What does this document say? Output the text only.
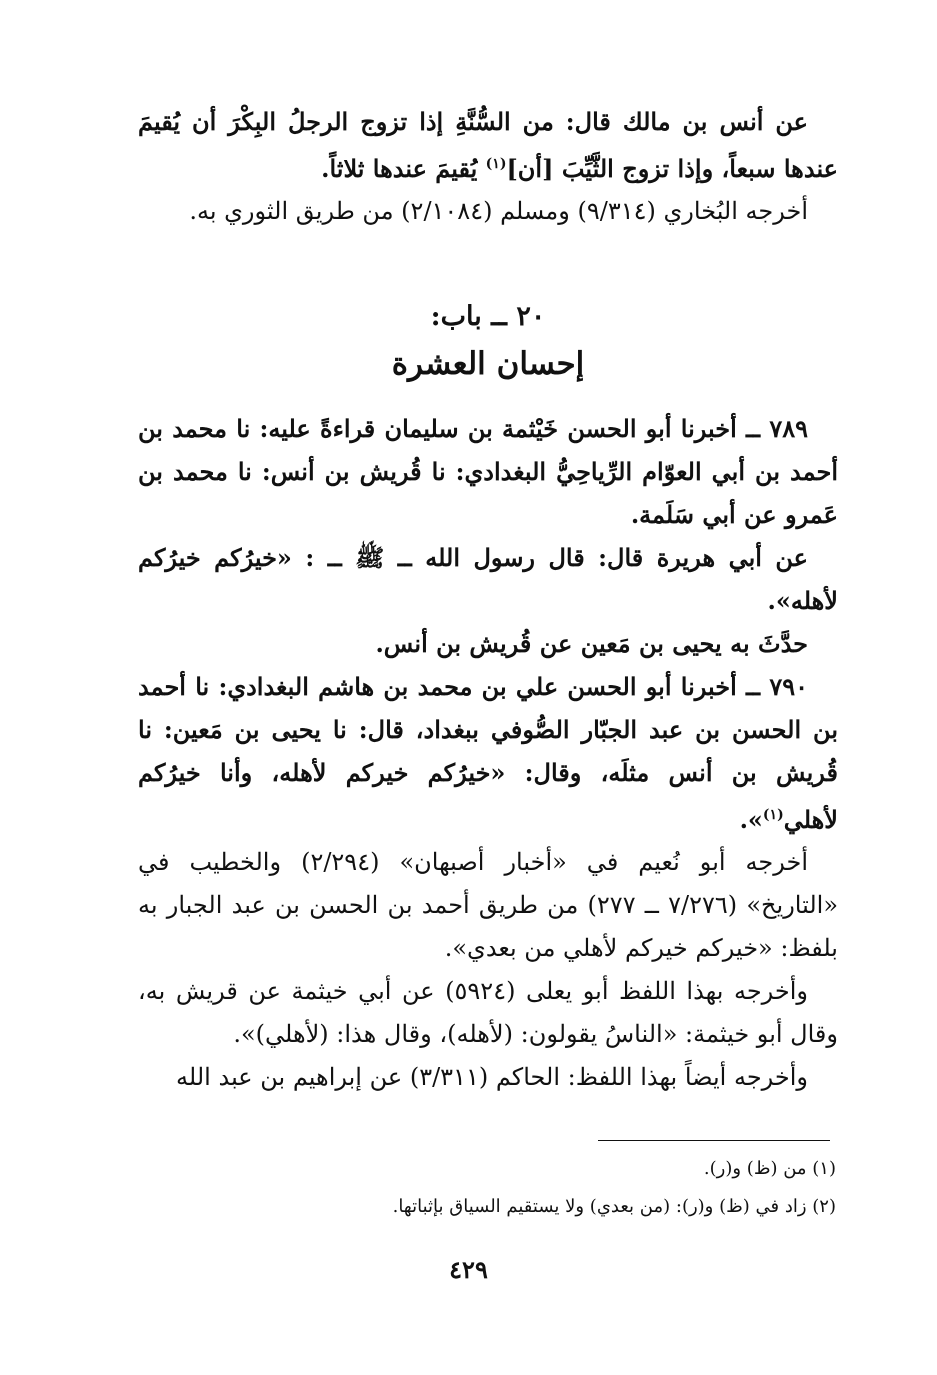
عن أنس بن مالك قال: من السُّنَّةِ إذا تزوج الرجلُ البِكْرَ أن يُقيمَ عندها سبعاً، وإذا تزوج الثَّيِّبَ [أن]$^{(١)}$ يُقيمَ عندها ثلاثاً.

أخرجه البُخاري (٩/٣١٤) ومسلم (٢/١٠٨٤) من طريق الثوري به.

٢٠ ــ باب:
إحسان العشرة

٧٨٩ ــ أخبرنا أبو الحسن خَيْثمة بن سليمان قراءةً عليه: نا محمد بن أحمد بن أبي العوّام الرِّياحِيُّ البغدادي: نا قُريش بن أنس: نا محمد بن عَمرو عن أبي سَلَمة.

عن أبي هريرة قال: قال رسول الله ــ ﷺ ــ : «خيرُكم خيرُكم لأهله».

حدَّثَ به يحيى بن مَعين عن قُريش بن أنس.

٧٩٠ ــ أخبرنا أبو الحسن علي بن محمد بن هاشم البغدادي: نا أحمد بن الحسن بن عبد الجبّار الصُّوفي ببغداد، قال: نا يحيى بن مَعين: نا قُريش بن أنس مثلَه، وقال: «خيرُكم خيركم لأهله، وأنا خيرُكم لأهلي$^{(١)}$».

أخرجه أبو نُعيم في «أخبار أصبهان» (٢/٢٩٤) والخطيب في «التاريخ» (٧/٢٧٦ ــ ٢٧٧) من طريق أحمد بن الحسن بن عبد الجبار به بلفظ: «خيركم خيركم لأهلي من بعدي».

وأخرجه بهذا اللفظ أبو يعلى (٥٩٢٤) عن أبي خيثمة عن قريش به، وقال أبو خيثمة: «الناسُ يقولون: (لأهله)، وقال هذا: (لأهلي)».

وأخرجه أيضاً بهذا اللفظ: الحاكم (٣/٣١١) عن إبراهيم بن عبد الله

(١) من (ظ) و(ر).

(٢) زاد في (ظ) و(ر): (من بعدي) ولا يستقيم السياق بإثباتها.

٤٢٩
